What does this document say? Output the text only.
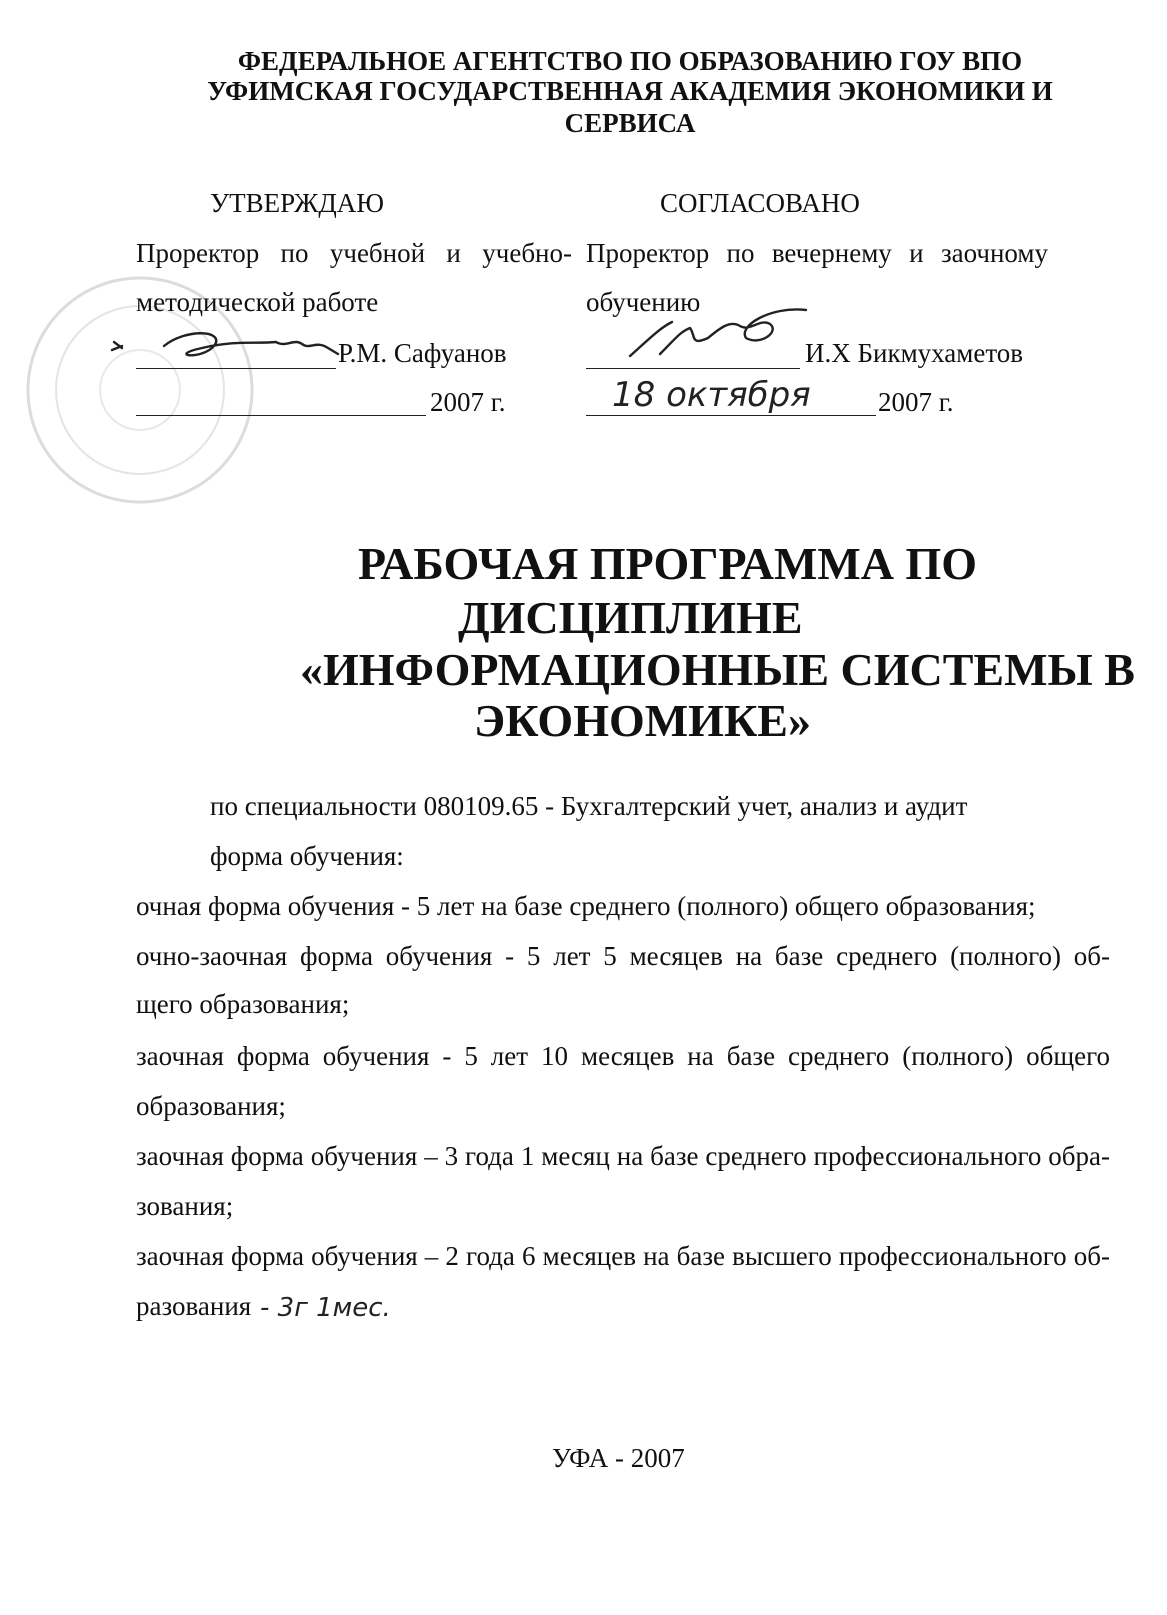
ФЕДЕРАЛЬНОЕ АГЕНТСТВО ПО ОБРАЗОВАНИЮ ГОУ ВПО
УФИМСКАЯ ГОСУДАРСТВЕННАЯ АКАДЕМИЯ ЭКОНОМИКИ И
СЕРВИСА
УТВЕРЖДАЮ
Проректор по учебной и учебно-
методической работе
Р.М. Сафуанов
2007 г.
СОГЛАСОВАНО
Проректор по вечернему и заочному
обучению
И.Х Бикмухаметов
18 октября 2007 г.
РАБОЧАЯ ПРОГРАММА ПО
ДИСЦИПЛИНЕ
«ИНФОРМАЦИОННЫЕ СИСТЕМЫ В
ЭКОНОМИКЕ»
по специальности 080109.65 - Бухгалтерский учет, анализ и аудит
форма обучения:
очная форма обучения - 5 лет на базе среднего (полного) общего образования;
очно-заочная форма обучения - 5 лет 5 месяцев на базе среднего (полного) об-
щего образования;
заочная форма обучения - 5 лет 10 месяцев на базе среднего (полного) общего
образования;
заочная форма обучения – 3 года 1 месяц на базе среднего профессионального обра-
зования;
заочная форма обучения – 2 года 6 месяцев на базе высшего профессионального об-
разования - 3г 1мес.
УФА - 2007
